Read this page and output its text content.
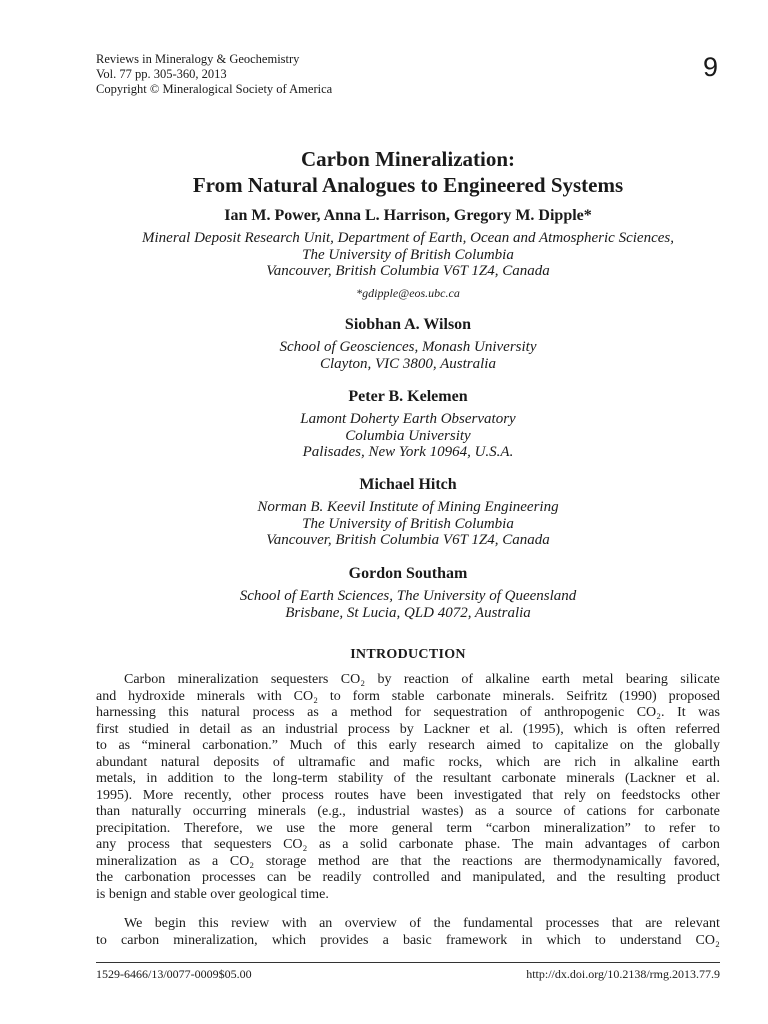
Reviews in Mineralogy & Geochemistry
Vol. 77 pp. 305-360, 2013
Copyright © Mineralogical Society of America
9
Carbon Mineralization:
From Natural Analogues to Engineered Systems
Ian M. Power, Anna L. Harrison, Gregory M. Dipple*
Mineral Deposit Research Unit, Department of Earth, Ocean and Atmospheric Sciences,
The University of British Columbia
Vancouver, British Columbia V6T 1Z4, Canada
*gdipple@eos.ubc.ca
Siobhan A. Wilson
School of Geosciences, Monash University
Clayton, VIC 3800, Australia
Peter B. Kelemen
Lamont Doherty Earth Observatory
Columbia University
Palisades, New York 10964, U.S.A.
Michael Hitch
Norman B. Keevil Institute of Mining Engineering
The University of British Columbia
Vancouver, British Columbia V6T 1Z4, Canada
Gordon Southam
School of Earth Sciences, The University of Queensland
Brisbane, St Lucia, QLD 4072, Australia
INTRODUCTION
Carbon mineralization sequesters CO₂ by reaction of alkaline earth metal bearing silicate
and hydroxide minerals with CO₂ to form stable carbonate minerals. Seifritz (1990) proposed
harnessing this natural process as a method for sequestration of anthropogenic CO₂. It was
first studied in detail as an industrial process by Lackner et al. (1995), which is often referred
to as “mineral carbonation.” Much of this early research aimed to capitalize on the globally
abundant natural deposits of ultramafic and mafic rocks, which are rich in alkaline earth
metals, in addition to the long-term stability of the resultant carbonate minerals (Lackner et al.
1995). More recently, other process routes have been investigated that rely on feedstocks other
than naturally occurring minerals (e.g., industrial wastes) as a source of cations for carbonate
precipitation. Therefore, we use the more general term “carbon mineralization” to refer to
any process that sequesters CO₂ as a solid carbonate phase. The main advantages of carbon
mineralization as a CO₂ storage method are that the reactions are thermodynamically favored,
the carbonation processes can be readily controlled and manipulated, and the resulting product
is benign and stable over geological time.
We begin this review with an overview of the fundamental processes that are relevant
to carbon mineralization, which provides a basic framework in which to understand CO₂
1529-6466/13/0077-0009$05.00	http://dx.doi.org/10.2138/rmg.2013.77.9
